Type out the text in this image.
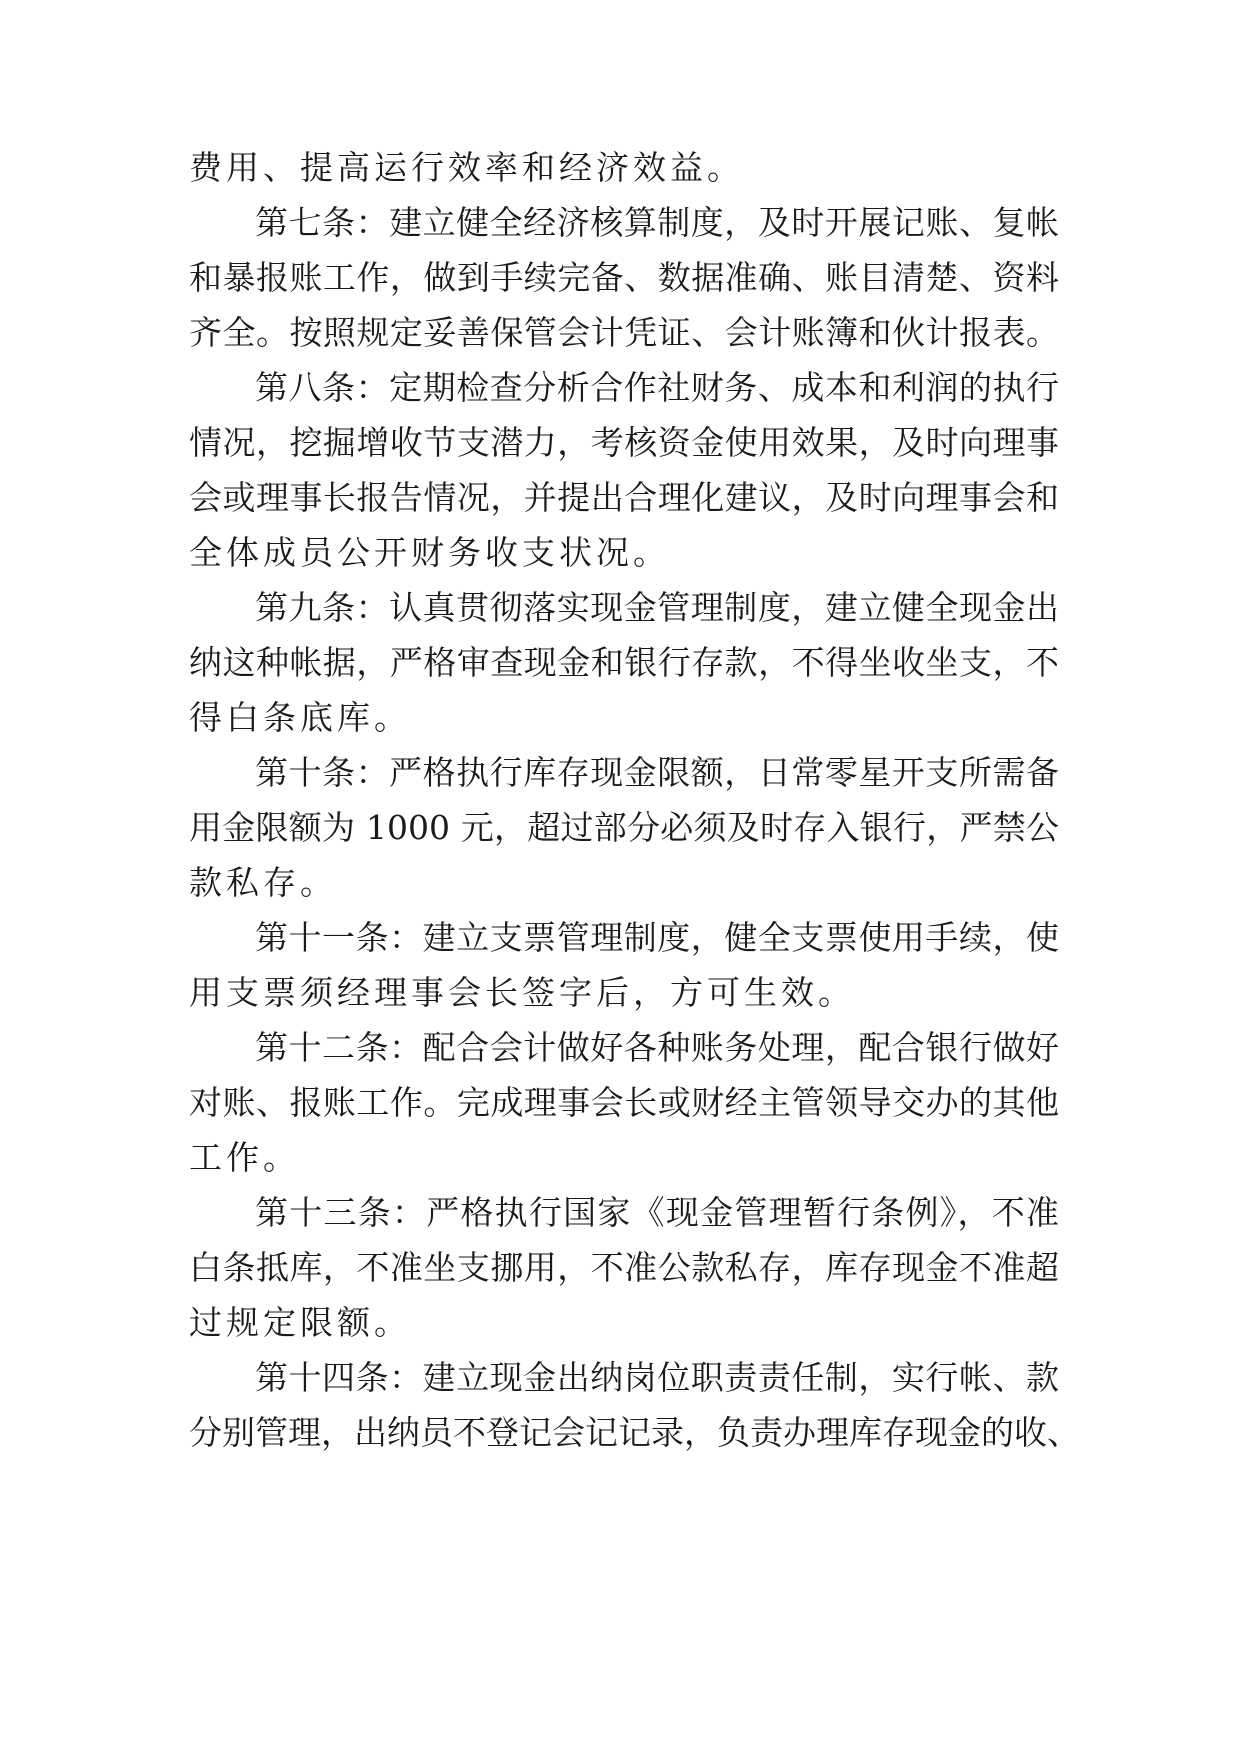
费用、提高运行效率和经济效益。
第七条：建立健全经济核算制度，及时开展记账、复帐
和暴报账工作，做到手续完备、数据准确、账目清楚、资料
齐全。按照规定妥善保管会计凭证、会计账簿和伙计报表。
第八条：定期检查分析合作社财务、成本和利润的执行
情况，挖掘增收节支潜力，考核资金使用效果，及时向理事
会或理事长报告情况，并提出合理化建议，及时向理事会和
全体成员公开财务收支状况。
第九条：认真贯彻落实现金管理制度，建立健全现金出
纳这种帐据，严格审查现金和银行存款，不得坐收坐支，不
得白条底库。
第十条：严格执行库存现金限额，日常零星开支所需备
用金限额为 1000 元，超过部分必须及时存入银行，严禁公
款私存。
第十一条：建立支票管理制度，健全支票使用手续，使
用支票须经理事会长签字后，方可生效。
第十二条：配合会计做好各种账务处理，配合银行做好
对账、报账工作。完成理事会长或财经主管领导交办的其他
工作。
第十三条：严格执行国家《现金管理暂行条例》，不准
白条抵库，不准坐支挪用，不准公款私存，库存现金不准超
过规定限额。
第十四条：建立现金出纳岗位职责责任制，实行帐、款
分别管理，出纳员不登记会记记录，负责办理库存现金的收、
